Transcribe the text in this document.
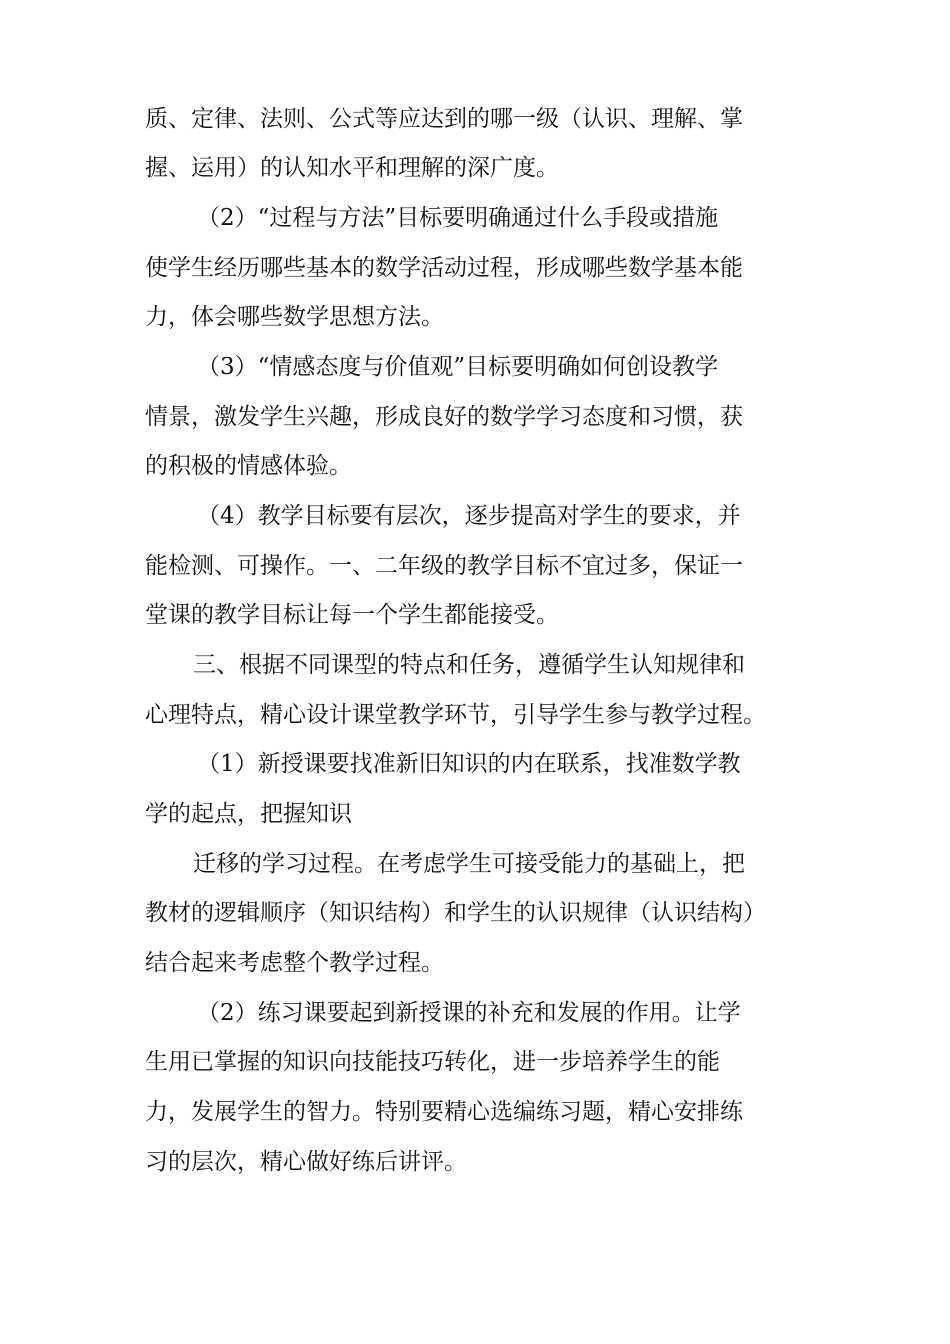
质、定律、法则、公式等应达到的哪一级（认识、理解、掌
握、运用）的认知水平和理解的深广度。
（2）“过程与方法”目标要明确通过什么手段或措施
使学生经历哪些基本的数学活动过程，形成哪些数学基本能
力，体会哪些数学思想方法。
（3）“情感态度与价值观”目标要明确如何创设教学
情景，激发学生兴趣，形成良好的数学学习态度和习惯，获
的积极的情感体验。
（4）教学目标要有层次，逐步提高对学生的要求，并
能检测、可操作。一、二年级的教学目标不宜过多，保证一
堂课的教学目标让每一个学生都能接受。
三、根据不同课型的特点和任务，遵循学生认知规律和
心理特点，精心设计课堂教学环节，引导学生参与教学过程。
（1）新授课要找准新旧知识的内在联系，找准数学教
学的起点，把握知识
迁移的学习过程。在考虑学生可接受能力的基础上，把
教材的逻辑顺序（知识结构）和学生的认识规律（认识结构）
结合起来考虑整个教学过程。
（2）练习课要起到新授课的补充和发展的作用。让学
生用已掌握的知识向技能技巧转化，进一步培养学生的能
力，发展学生的智力。特别要精心选编练习题，精心安排练
习的层次，精心做好练后讲评。
